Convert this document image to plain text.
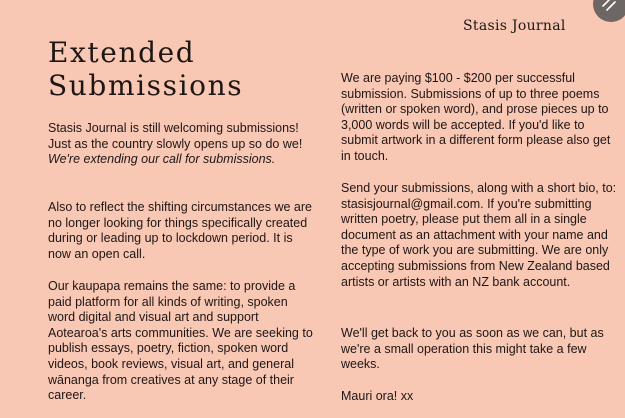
Stasis Journal
Extended
Submissions

Stasis Journal is still welcoming submissions! Just as the country slowly opens up so do we! We're extending our call for submissions.

Also to reflect the shifting circumstances we are no longer looking for things specifically created during or leading up to lockdown period. It is now an open call.

Our kaupapa remains the same: to provide a paid platform for all kinds of writing, spoken word digital and visual art and support Aotearoa's arts communities. We are seeking to publish essays, poetry, fiction, spoken word videos, book reviews, visual art, and general wānanga from creatives at any stage of their career.

We are paying $100 - $200 per successful submission. Submissions of up to three poems (written or spoken word), and prose pieces up to 3,000 words will be accepted. If you'd like to submit artwork in a different form please also get in touch.

Send your submissions, along with a short bio, to: stasisjournal@gmail.com. If you're submitting written poetry, please put them all in a single document as an attachment with your name and the type of work you are submitting. We are only accepting submissions from New Zealand based artists or artists with an NZ bank account.

We'll get back to you as soon as we can, but as we're a small operation this might take a few weeks.

Mauri ora! xx
